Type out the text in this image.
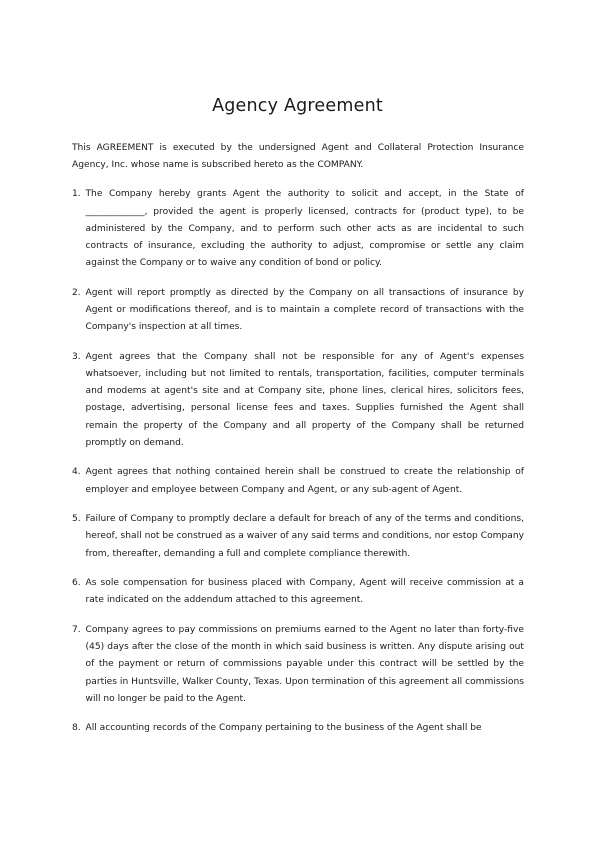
Agency Agreement

This AGREEMENT is executed by the undersigned Agent and Collateral Protection Insurance Agency, Inc. whose name is subscribed hereto as the COMPANY.

1. The Company hereby grants Agent the authority to solicit and accept, in the State of _____________, provided the agent is properly licensed, contracts for (product type), to be administered by the Company, and to perform such other acts as are incidental to such contracts of insurance, excluding the authority to adjust, compromise or settle any claim against the Company or to waive any condition of bond or policy.
2. Agent will report promptly as directed by the Company on all transactions of insurance by Agent or modifications thereof, and is to maintain a complete record of transactions with the Company's inspection at all times.
3. Agent agrees that the Company shall not be responsible for any of Agent's expenses whatsoever, including but not limited to rentals, transportation, facilities, computer terminals and modems at agent's site and at Company site, phone lines, clerical hires, solicitors fees, postage, advertising, personal license fees and taxes. Supplies furnished the Agent shall remain the property of the Company and all property of the Company shall be returned promptly on demand.
4. Agent agrees that nothing contained herein shall be construed to create the relationship of employer and employee between Company and Agent, or any sub-agent of Agent.
5. Failure of Company to promptly declare a default for breach of any of the terms and conditions, hereof, shall not be construed as a waiver of any said terms and conditions, nor estop Company from, thereafter, demanding a full and complete compliance therewith.
6. As sole compensation for business placed with Company, Agent will receive commission at a rate indicated on the addendum attached to this agreement.
7. Company agrees to pay commissions on premiums earned to the Agent no later than forty-five (45) days after the close of the month in which said business is written. Any dispute arising out of the payment or return of commissions payable under this contract will be settled by the parties in Huntsville, Walker County, Texas. Upon termination of this agreement all commissions will no longer be paid to the Agent.
8. All accounting records of the Company pertaining to the business of the Agent shall be
